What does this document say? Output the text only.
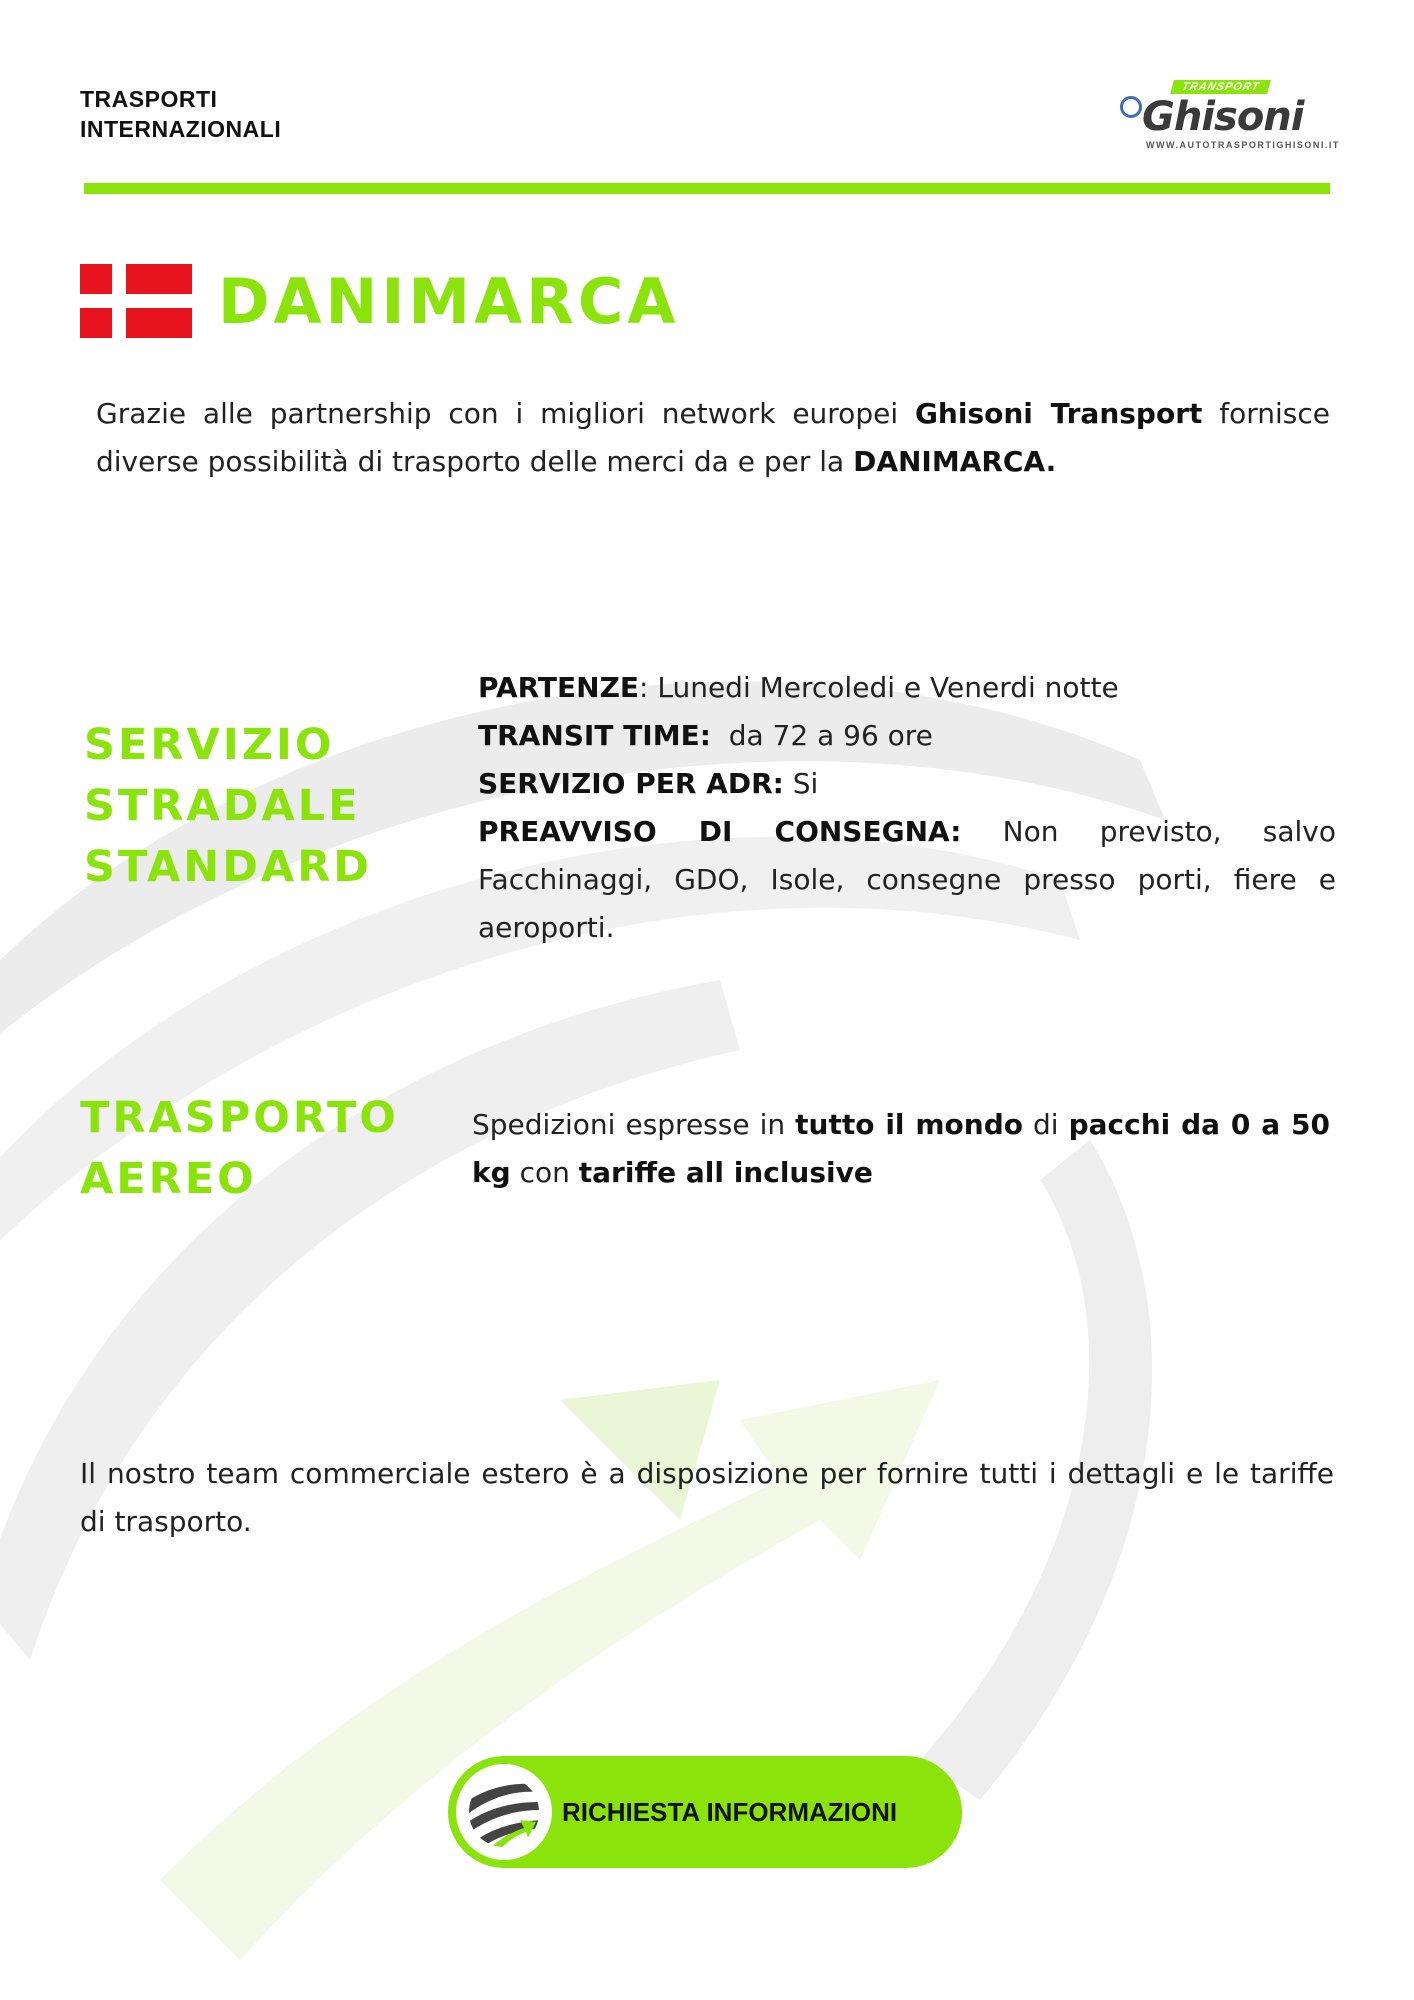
TRASPORTI
INTERNAZIONALI
TRANSPORT
Ghisoni
WWW.AUTOTRASPORTIGHISONI.IT
DANIMARCA

Grazie alle partnership con i migliori network europei Ghisoni Transport fornisce diverse possibilità di trasporto delle merci da e per la DANIMARCA.

SERVIZIO
STRADALE
STANDARD
PARTENZE: Lunedi Mercoledi e Venerdi notte
TRANSIT TIME:  da 72 a 96 ore
SERVIZIO PER ADR: Si
PREAVVISO DI CONSEGNA: Non previsto, salvo Facchinaggi, GDO, Isole, consegne presso porti, fiere e aeroporti.
TRASPORTO
AEREO

Spedizioni espresse in tutto il mondo di pacchi da 0 a 50 kg con tariffe all inclusive

Il nostro team commerciale estero è a disposizione per fornire tutti i dettagli e le tariffe di trasporto.

RICHIESTA INFORMAZIONI
